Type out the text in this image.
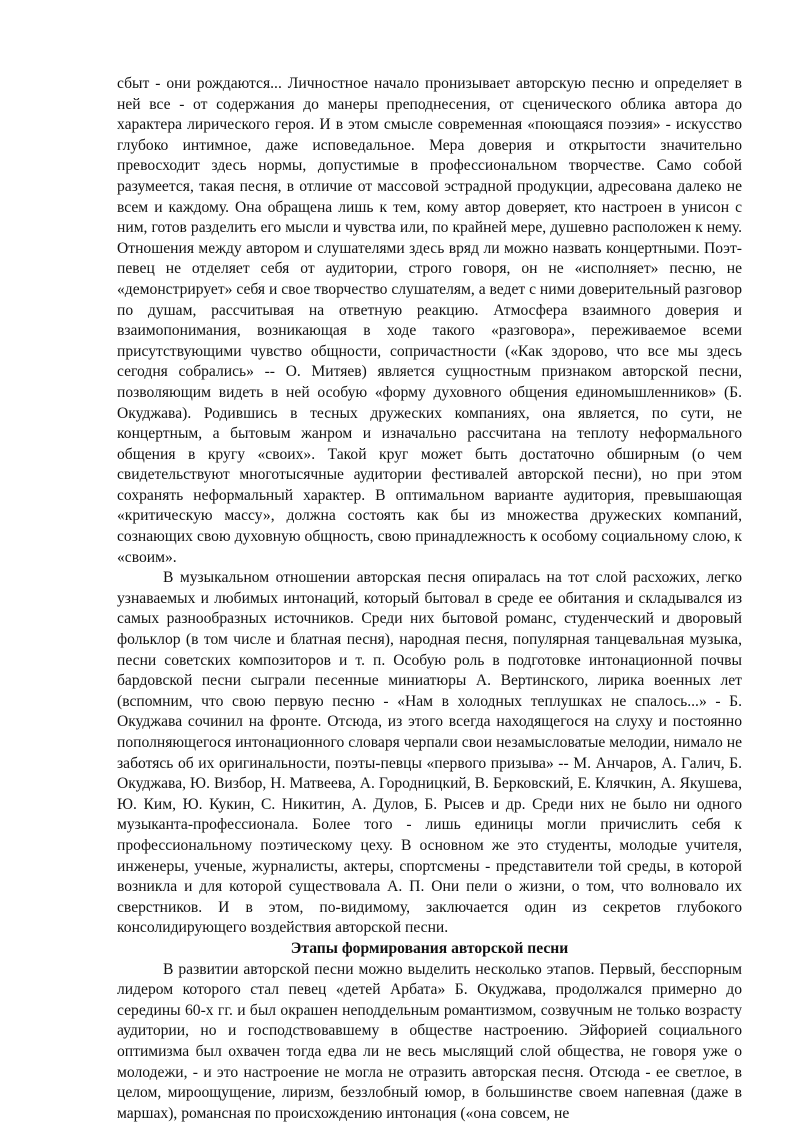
сбыт - они рождаются... Личностное начало пронизывает авторскую песню и определяет в ней все - от содержания до манеры преподнесения, от сценического облика автора до характера лирического героя. И в этом смысле современная «поющаяся поэзия» - искусство глубоко интимное, даже исповедальное. Мера доверия и открытости значительно превосходит здесь нормы, допустимые в профессиональном творчестве. Само собой разумеется, такая песня, в отличие от массовой эстрадной продукции, адресована далеко не всем и каждому. Она обращена лишь к тем, кому автор доверяет, кто настроен в унисон с ним, готов разделить его мысли и чувства или, по крайней мере, душевно расположен к нему. Отношения между автором и слушателями здесь вряд ли можно назвать концертными. Поэт-певец не отделяет себя от аудитории, строго говоря, он не «исполняет» песню, не «демонстрирует» себя и свое творчество слушателям, а ведет с ними доверительный разговор по душам, рассчитывая на ответную реакцию. Атмосфера взаимного доверия и взаимопонимания, возникающая в ходе такого «разговора», переживаемое всеми присутствующими чувство общности, сопричастности («Как здорово, что все мы здесь сегодня собрались» -- О. Митяев) является сущностным признаком авторской песни, позволяющим видеть в ней особую «форму духовного общения единомышленников» (Б. Окуджава). Родившись в тесных дружеских компаниях, она является, по сути, не концертным, а бытовым жанром и изначально рассчитана на теплоту неформального общения в кругу «своих». Такой круг может быть достаточно обширным (о чем свидетельствуют многотысячные аудитории фестивалей авторской песни), но при этом сохранять неформальный характер. В оптимальном варианте аудитория, превышающая «критическую массу», должна состоять как бы из множества дружеских компаний, сознающих свою духовную общность, свою принадлежность к особому социальному слою, к «своим».

В музыкальном отношении авторская песня опиралась на тот слой расхожих, легко узнаваемых и любимых интонаций, который бытовал в среде ее обитания и складывался из самых разнообразных источников. Среди них бытовой романс, студенческий и дворовый фольклор (в том числе и блатная песня), народная песня, популярная танцевальная музыка, песни советских композиторов и т. п. Особую роль в подготовке интонационной почвы бардовской песни сыграли песенные миниатюры А. Вертинского, лирика военных лет (вспомним, что свою первую песню - «Нам в холодных теплушках не спалось...» - Б. Окуджава сочинил на фронте. Отсюда, из этого всегда находящегося на слуху и постоянно пополняющегося интонационного словаря черпали свои незамысловатые мелодии, нимало не заботясь об их оригинальности, поэты-певцы «первого призыва» -- М. Анчаров, А. Галич, Б. Окуджава, Ю. Визбор, Н. Матвеева, А. Городницкий, В. Берковский, Е. Клячкин, А. Якушева, Ю. Ким, Ю. Кукин, С. Никитин, А. Дулов, Б. Рысев и др. Среди них не было ни одного музыканта-профессионала. Более того - лишь единицы могли причислить себя к профессиональному поэтическому цеху. В основном же это студенты, молодые учителя, инженеры, ученые, журналисты, актеры, спортсмены - представители той среды, в которой возникла и для которой существовала А. П. Они пели о жизни, о том, что волновало их сверстников. И в этом, по-видимому, заключается один из секретов глубокого консолидирующего воздействия авторской песни.

Этапы формирования авторской песни

В развитии авторской песни можно выделить несколько этапов. Первый, бесспорным лидером которого стал певец «детей Арбата» Б. Окуджава, продолжался примерно до середины 60-х гг. и был окрашен неподдельным романтизмом, созвучным не только возрасту аудитории, но и господствовавшему в обществе настроению. Эйфорией социального оптимизма был охвачен тогда едва ли не весь мыслящий слой общества, не говоря уже о молодежи, - и это настроение не могла не отразить авторская песня. Отсюда - ее светлое, в целом, мироощущение, лиризм, беззлобный юмор, в большинстве своем напевная (даже в маршах), романсная по происхождению интонация («она совсем, не
